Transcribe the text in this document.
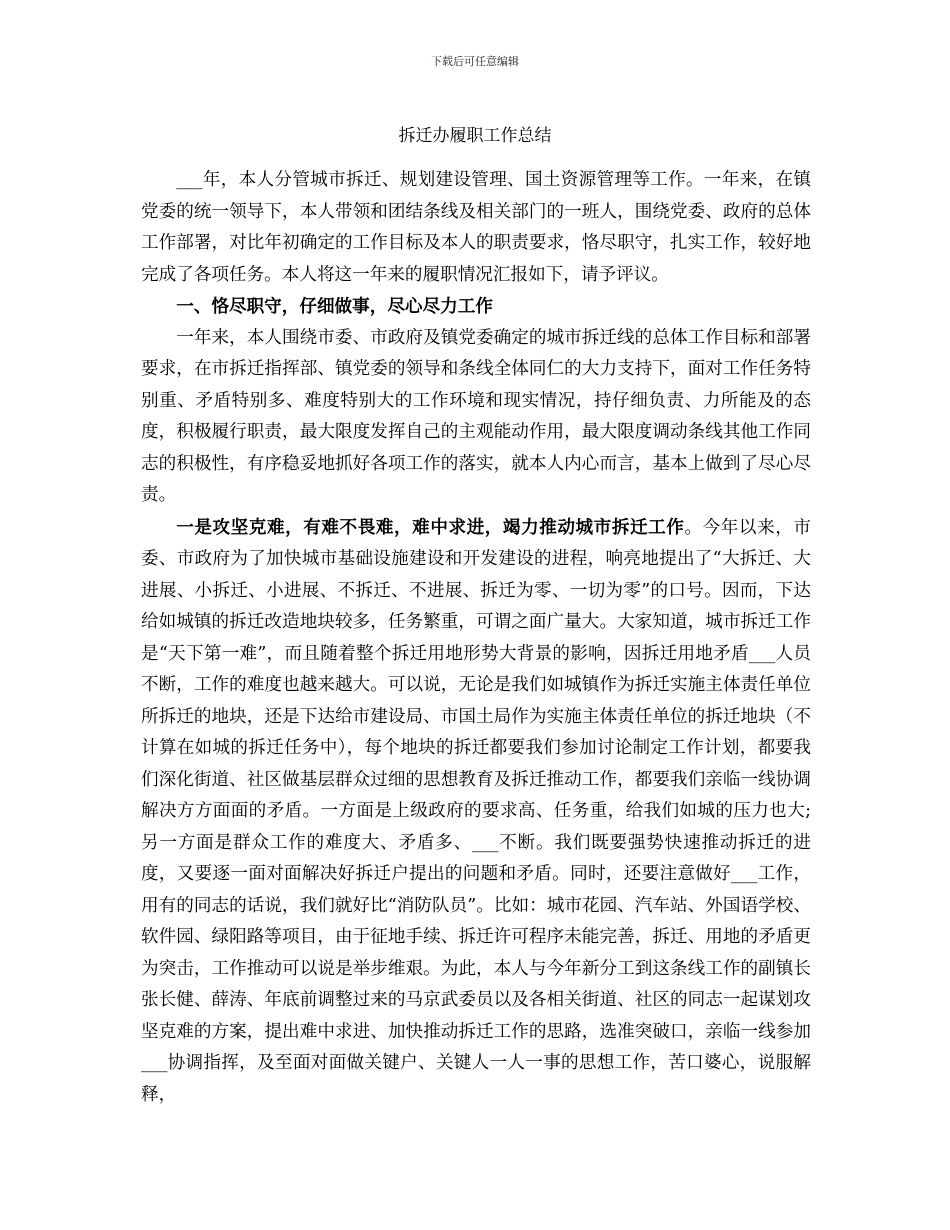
下载后可任意编辑
拆迁办履职工作总结

___年，本人分管城市拆迁、规划建设管理、国土资源管理等工作。一年来，在镇党委的统一领导下，本人带领和团结条线及相关部门的一班人，围绕党委、政府的总体工作部署，对比年初确定的工作目标及本人的职责要求，恪尽职守，扎实工作，较好地完成了各项任务。本人将这一年来的履职情况汇报如下，请予评议。

一、恪尽职守，仔细做事，尽心尽力工作

一年来，本人围绕市委、市政府及镇党委确定的城市拆迁线的总体工作目标和部署要求，在市拆迁指挥部、镇党委的领导和条线全体同仁的大力支持下，面对工作任务特别重、矛盾特别多、难度特别大的工作环境和现实情况，持仔细负责、力所能及的态度，积极履行职责，最大限度发挥自己的主观能动作用，最大限度调动条线其他工作同志的积极性，有序稳妥地抓好各项工作的落实，就本人内心而言，基本上做到了尽心尽责。

一是攻坚克难，有难不畏难，难中求进，竭力推动城市拆迁工作。今年以来，市委、市政府为了加快城市基础设施建设和开发建设的进程，响亮地提出了“大拆迁、大进展、小拆迁、小进展、不拆迁、不进展、拆迁为零、一切为零”的口号。因而，下达给如城镇的拆迁改造地块较多，任务繁重，可谓之面广量大。大家知道，城市拆迁工作是“天下第一难”，而且随着整个拆迁用地形势大背景的影响，因拆迁用地矛盾___人员不断，工作的难度也越来越大。可以说，无论是我们如城镇作为拆迁实施主体责任单位所拆迁的地块，还是下达给市建设局、市国土局作为实施主体责任单位的拆迁地块（不计算在如城的拆迁任务中），每个地块的拆迁都要我们参加讨论制定工作计划，都要我们深化街道、社区做基层群众过细的思想教育及拆迁推动工作，都要我们亲临一线协调解决方方面面的矛盾。一方面是上级政府的要求高、任务重，给我们如城的压力也大;另一方面是群众工作的难度大、矛盾多、___不断。我们既要强势快速推动拆迁的进度，又要逐一面对面解决好拆迁户提出的问题和矛盾。同时，还要注意做好___工作，用有的同志的话说，我们就好比“消防队员”。比如：城市花园、汽车站、外国语学校、软件园、绿阳路等项目，由于征地手续、拆迁许可程序未能完善，拆迁、用地的矛盾更为突击，工作推动可以说是举步维艰。为此，本人与今年新分工到这条线工作的副镇长张长健、薛涛、年底前调整过来的马京武委员以及各相关街道、社区的同志一起谋划攻坚克难的方案，提出难中求进、加快推动拆迁工作的思路，选准突破口，亲临一线参加___协调指挥，及至面对面做关键户、关键人一人一事的思想工作，苦口婆心，说服解释，
